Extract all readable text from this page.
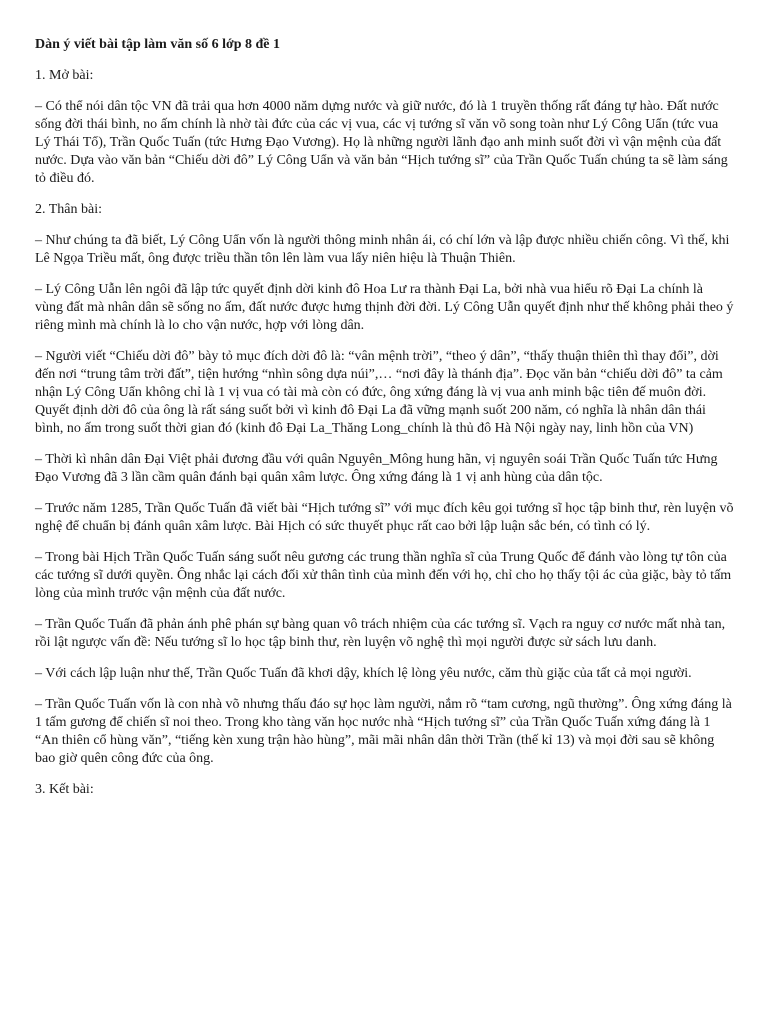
Dàn ý viết bài tập làm văn số 6 lớp 8 đề 1
1. Mở bài:
– Có thể nói dân tộc VN đã trải qua hơn 4000 năm dựng nước và giữ nước, đó là 1 truyền thống rất đáng tự hào. Đất nước sống đời thái bình, no ấm chính là nhờ tài đức của các vị vua, các vị tướng sĩ văn võ song toàn như Lý Công Uẩn (tức vua Lý Thái Tổ), Trần Quốc Tuấn (tức Hưng Đạo Vương). Họ là những người lãnh đạo anh minh suốt đời vì vận mệnh của đất nước. Dựa vào văn bản “Chiếu dời đô” Lý Công Uẩn và văn bản “Hịch tướng sĩ” của Trần Quốc Tuấn chúng ta sẽ làm sáng tỏ điều đó.
2. Thân bài:
– Như chúng ta đã biết, Lý Công Uẩn vốn là người thông minh nhân ái, có chí lớn và lập được nhiều chiến công. Vì thế, khi Lê Ngọa Triều mất, ông được triều thần tôn lên làm vua lấy niên hiệu là Thuận Thiên.
– Lý Công Uẫn lên ngôi đã lập tức quyết định dời kinh đô Hoa Lư ra thành Đại La, bởi nhà vua hiểu rõ Đại La chính là vùng đất mà nhân dân sẽ sống no ấm, đất nước được hưng thịnh đời đời. Lý Công Uẫn quyết định như thế không phải theo ý riêng mình mà chính là lo cho vận nước, hợp với lòng dân.
– Người viết “Chiếu dời đô” bày tỏ mục đích dời đô là: “vân mệnh trời”, “theo ý dân”, “thấy thuận thiên thì thay đổi”, dời đến nơi “trung tâm trời đất”, tiện hướng “nhìn sông dựa núi”,… “nơi đây là thánh địa”. Đọc văn bản “chiếu dời đô” ta cảm nhận Lý Công Uẩn không chỉ là 1 vị vua có tài mà còn có đức, ông xứng đáng là vị vua anh minh bậc tiên đế muôn đời. Quyết định dời đô của ông là rất sáng suốt bởi vì kinh đô Đại La đã vững mạnh suốt 200 năm, có nghĩa là nhân dân thái bình, no ấm trong suốt thời gian đó (kinh đô Đại La_Thăng Long_chính là thủ đô Hà Nội ngày nay, linh hồn của VN)
– Thời kì nhân dân Đại Việt phải đương đầu với quân Nguyên_Mông hung hãn, vị nguyên soái Trần Quốc Tuấn tức Hưng Đạo Vương đã 3 lần cầm quân đánh bại quân xâm lược. Ông xứng đáng là 1 vị anh hùng của dân tộc.
– Trước năm 1285, Trần Quốc Tuấn đã viết bài “Hịch tướng sĩ” với mục đích kêu gọi tướng sĩ học tập binh thư, rèn luyện võ nghệ để chuẩn bị đánh quân xâm lược. Bài Hịch có sức thuyết phục rất cao bởi lập luận sắc bén, có tình có lý.
– Trong bài Hịch Trần Quốc Tuấn sáng suốt nêu gương các trung thần nghĩa sĩ của Trung Quốc để đánh vào lòng tự tôn của các tướng sĩ dưới quyền. Ông nhắc lại cách đối xử thân tình của mình đến với họ, chỉ cho họ thấy tội ác của giặc, bày tỏ tấm lòng của mình trước vận mệnh của đất nước.
– Trần Quốc Tuấn đã phản ánh phê phán sự bàng quan vô trách nhiệm của các tướng sĩ. Vạch ra nguy cơ nước mất nhà tan, rồi lật ngược vấn đề: Nếu tướng sĩ lo học tập binh thư, rèn luyện võ nghệ thì mọi người được sử sách lưu danh.
– Với cách lập luận như thế, Trần Quốc Tuấn đã khơi dậy, khích lệ lòng yêu nước, căm thù giặc của tất cả mọi người.
– Trần Quốc Tuấn vốn là con nhà võ nhưng thấu đáo sự học làm người, nắm rõ “tam cương, ngũ thường”. Ông xứng đáng là 1 tấm gương để chiến sĩ noi theo. Trong kho tàng văn học nước nhà “Hịch tướng sĩ” của Trần Quốc Tuấn xứng đáng là 1 “An thiên cổ hùng văn”, “tiếng kèn xung trận hào hùng”, mãi mãi nhân dân thời Trần (thế kỉ 13) và mọi đời sau sẽ không bao giờ quên công đức của ông.
3. Kết bài:
